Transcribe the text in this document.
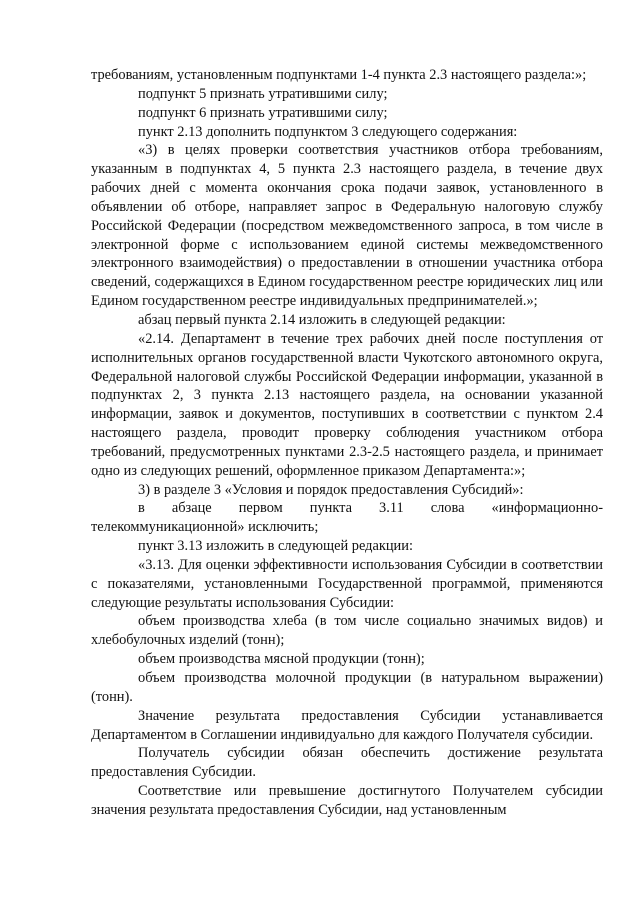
требованиям, установленным подпунктами 1-4 пункта 2.3 настоящего раздела:»;

подпункт 5 признать утратившими силу;

подпункт 6 признать утратившими силу;

пункт 2.13 дополнить подпунктом 3 следующего содержания:

«3) в целях проверки соответствия участников отбора требованиям, указанным в подпунктах 4, 5 пункта 2.3 настоящего раздела, в течение двух рабочих дней с момента окончания срока подачи заявок, установленного в объявлении об отборе, направляет запрос в Федеральную налоговую службу Российской Федерации (посредством межведомственного запроса, в том числе в электронной форме с использованием единой системы межведомственного электронного взаимодействия) о предоставлении в отношении участника отбора сведений, содержащихся в Едином государственном реестре юридических лиц или Едином государственном реестре индивидуальных предпринимателей.»;

абзац первый пункта 2.14 изложить в следующей редакции:

«2.14. Департамент в течение трех рабочих дней после поступления от исполнительных органов государственной власти Чукотского автономного округа, Федеральной налоговой службы Российской Федерации информации, указанной в подпунктах 2, 3 пункта 2.13 настоящего раздела, на основании указанной информации, заявок и документов, поступивших в соответствии с пунктом 2.4 настоящего раздела, проводит проверку соблюдения участником отбора требований, предусмотренных пунктами 2.3-2.5 настоящего раздела, и принимает одно из следующих решений, оформленное приказом Департамента:»;

3) в разделе 3 «Условия и порядок предоставления Субсидий»:

в абзаце первом пункта 3.11 слова «информационно-телекоммуникационной» исключить;

пункт 3.13 изложить в следующей редакции:

«3.13. Для оценки эффективности использования Субсидии в соответствии с показателями, установленными Государственной программой, применяются следующие результаты использования Субсидии:

объем производства хлеба (в том числе социально значимых видов) и хлебобулочных изделий (тонн);

объем производства мясной продукции (тонн);

объем производства молочной продукции (в натуральном выражении) (тонн).

Значение результата предоставления Субсидии устанавливается Департаментом в Соглашении индивидуально для каждого Получателя субсидии.

Получатель субсидии обязан обеспечить достижение результата предоставления Субсидии.

Соответствие или превышение достигнутого Получателем субсидии значения результата предоставления Субсидии, над установленным
